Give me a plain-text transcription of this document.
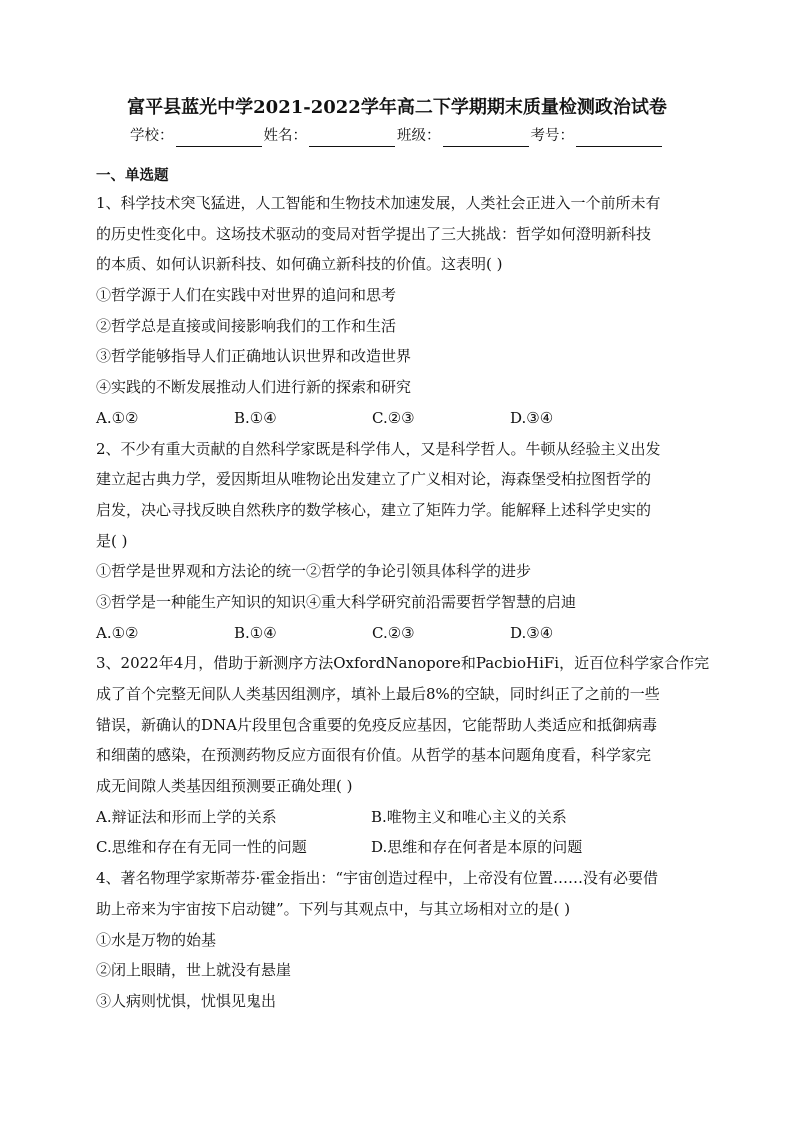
富平县蓝光中学2021-2022学年高二下学期期末质量检测政治试卷
学校：	姓名：	班级：	考号：
一、单选题
1、科学技术突飞猛进，人工智能和生物技术加速发展，人类社会正进入一个前所未有
的历史性变化中。这场技术驱动的变局对哲学提出了三大挑战：哲学如何澄明新科技
的本质、如何认识新科技、如何确立新科技的价值。这表明( )
①哲学源于人们在实践中对世界的追问和思考
②哲学总是直接或间接影响我们的工作和生活
③哲学能够指导人们正确地认识世界和改造世界
④实践的不断发展推动人们进行新的探索和研究
A.①②	B.①④	C.②③	D.③④
2、不少有重大贡献的自然科学家既是科学伟人，又是科学哲人。牛顿从经验主义出发
建立起古典力学，爱因斯坦从唯物论出发建立了广义相对论，海森堡受柏拉图哲学的
启发，决心寻找反映自然秩序的数学核心，建立了矩阵力学。能解释上述科学史实的
是( )
①哲学是世界观和方法论的统一②哲学的争论引领具体科学的进步
③哲学是一种能生产知识的知识④重大科学研究前沿需要哲学智慧的启迪
A.①②	B.①④	C.②③	D.③④
3、2022年4月，借助于新测序方法OxfordNanopore和PacbioHiFi，近百位科学家合作完
成了首个完整无间队人类基因组测序，填补上最后8%的空缺，同时纠正了之前的一些
错误，新确认的DNA片段里包含重要的免疫反应基因，它能帮助人类适应和抵御病毒
和细菌的感染，在预测药物反应方面很有价值。从哲学的基本问题角度看，科学家完
成无间隙人类基因组预测要正确处理( )
A.辩证法和形而上学的关系	B.唯物主义和唯心主义的关系
C.思维和存在有无同一性的问题	D.思维和存在何者是本原的问题
4、著名物理学家斯蒂芬·霍金指出：“宇宙创造过程中，上帝没有位置……没有必要借
助上帝来为宇宙按下启动键”。下列与其观点中，与其立场相对立的是( )
①水是万物的始基
②闭上眼睛，世上就没有悬崖
③人病则忧惧，忧惧见鬼出
